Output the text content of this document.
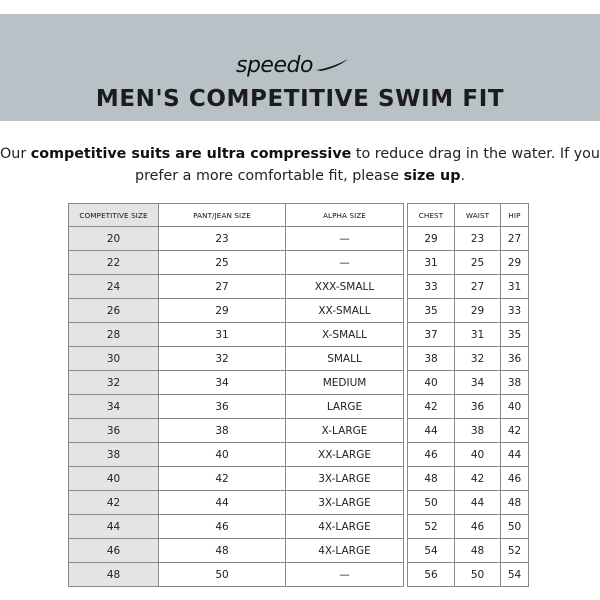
speedo
MEN'S COMPETITIVE SWIM FIT
Our competitive suits are ultra compressive to reduce drag in the water. If you prefer a more comfortable fit, please size up.
COMPETITIVE SIZE	PANT/JEAN SIZE	ALPHA SIZE		CHEST	WAIST	HIP
20	23	—		29	23	27
22	25	—		31	25	29
24	27	XXX-SMALL		33	27	31
26	29	XX-SMALL		35	29	33
28	31	X-SMALL		37	31	35
30	32	SMALL		38	32	36
32	34	MEDIUM		40	34	38
34	36	LARGE		42	36	40
36	38	X-LARGE		44	38	42
38	40	XX-LARGE		46	40	44
40	42	3X-LARGE		48	42	46
42	44	3X-LARGE		50	44	48
44	46	4X-LARGE		52	46	50
46	48	4X-LARGE		54	48	52
48	50	—		56	50	54
